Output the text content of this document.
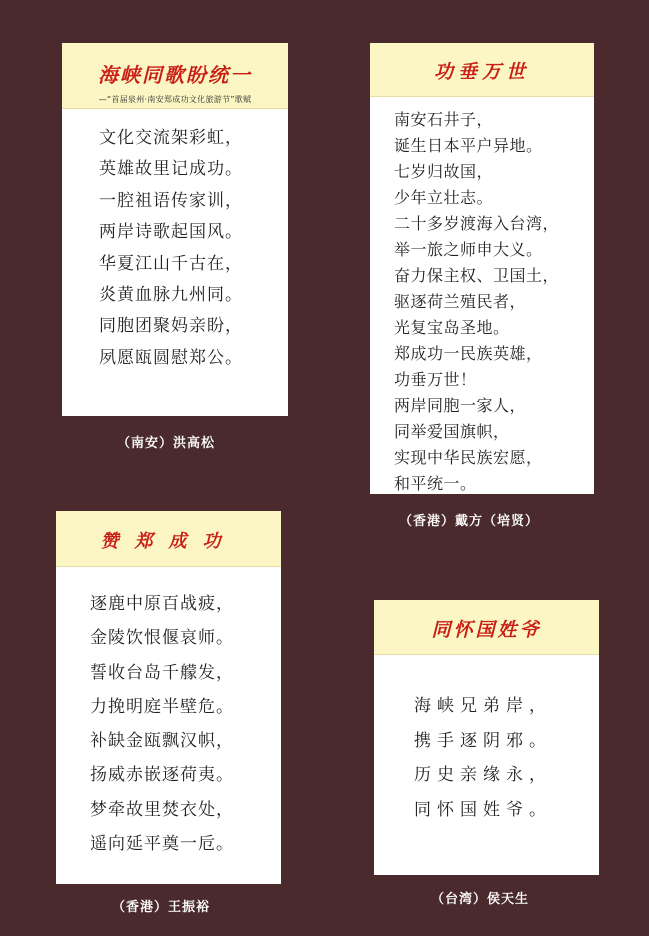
海峡同歌盼统一
—“首届泉州·南安郑成功文化旅游节”歌赋
文化交流架彩虹，
英雄故里记成功。
一腔祖语传家训，
两岸诗歌起国风。
华夏江山千古在，
炎黄血脉九州同。
同胞团聚妈亲盼，
夙愿瓯圆慰郑公。
（南安）洪高松
功垂万世
南安石井子，
诞生日本平户异地。
七岁归故国，
少年立壮志。
二十多岁渡海入台湾，
举一旅之师申大义。
奋力保主权、卫国土，
驱逐荷兰殖民者，
光复宝岛圣地。
郑成功一民族英雄，
功垂万世！
两岸同胞一家人，
同举爱国旗帜，
实现中华民族宏愿，
和平统一。
（香港）戴方（培贤）
赞郑成功
逐鹿中原百战疲，
金陵饮恨偃哀师。
誓收台岛千艨发，
力挽明庭半壁危。
补缺金瓯飘汉帜，
扬威赤嵌逐荷夷。
梦牵故里焚衣处，
遥向延平奠一卮。
（香港）王振裕
同怀国姓爷
海峡兄弟岸，
携手逐阴邪。
历史亲缘永，
同怀国姓爷。
（台湾）侯天生
